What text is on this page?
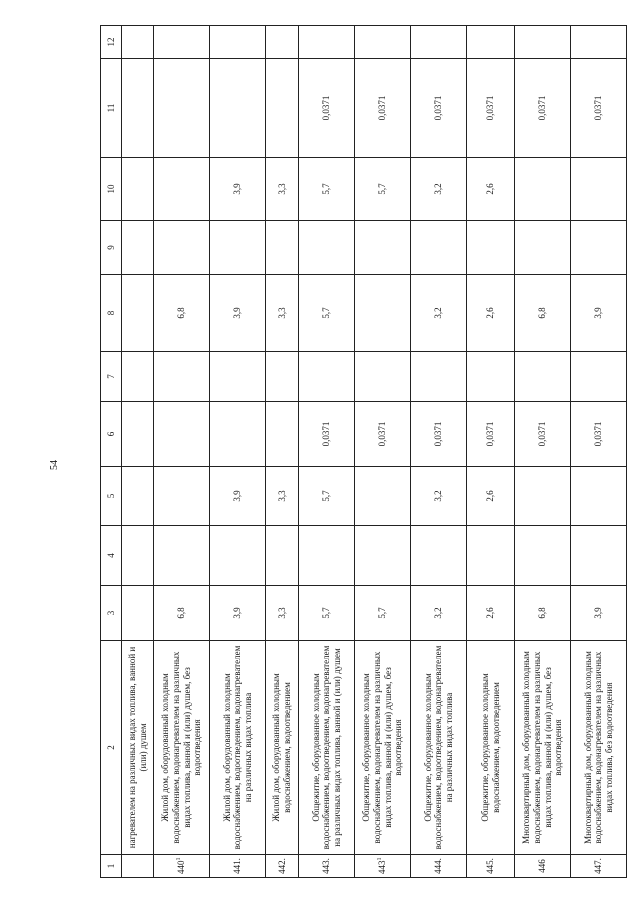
54
1	2	3	4	5	6	7	8	9	10	11	12
	нагревателем на различных видах топлива, ванной и (или) душем										
$440^1$	Жилой дом, оборудованный холодным водоснабжением, водонагревателем на различных видах топлива, ванной и (или) душем, без водоотведения	6,8					6,8				
441.	Жилой дом, оборудованный холодным водоснабжением, водоотведением, водонагревателем на различных видах топлива	3,9		3,9			3,9		3,9		
442.	Жилой дом, оборудованный холодным водоснабжением, водоотведением	3,3		3,3			3,3		3,3		
443.	Общежитие, оборудованное холодным водоснабжением, водоотведением, водонагревателем на различных видах топлива, ванной и (или) душем	5,7		5,7	0,0371		5,7		5,7	0,0371	
$443^1$	Общежитие, оборудованное холодным водоснабжением, водонагревателем на различных видах топлива, ванной и (или) душем, без водоотведения	5,7			0,0371				5,7	0,0371	
444.	Общежитие, оборудованное холодным водоснабжением, водоотведением, водонагревателем на различных видах топлива	3,2		3,2	0,0371		3,2		3,2	0,0371	
445.	Общежитие, оборудованное холодным водоснабжением, водоотведением	2,6		2,6	0,0371		2,6		2,6	0,0371	
446	Многоквартирный дом, оборудованный холодным водоснабжением, водонагревателем на различных видах топлива, ванной и (или) душем, без водоотведения	6,8			0,0371		6,8			0,0371	
447.	Многоквартирный дом, оборудованный холодным водоснабжением, водонагревателем на различных видах топлива, без водоотведения	3,9			0,0371		3,9			0,0371	
